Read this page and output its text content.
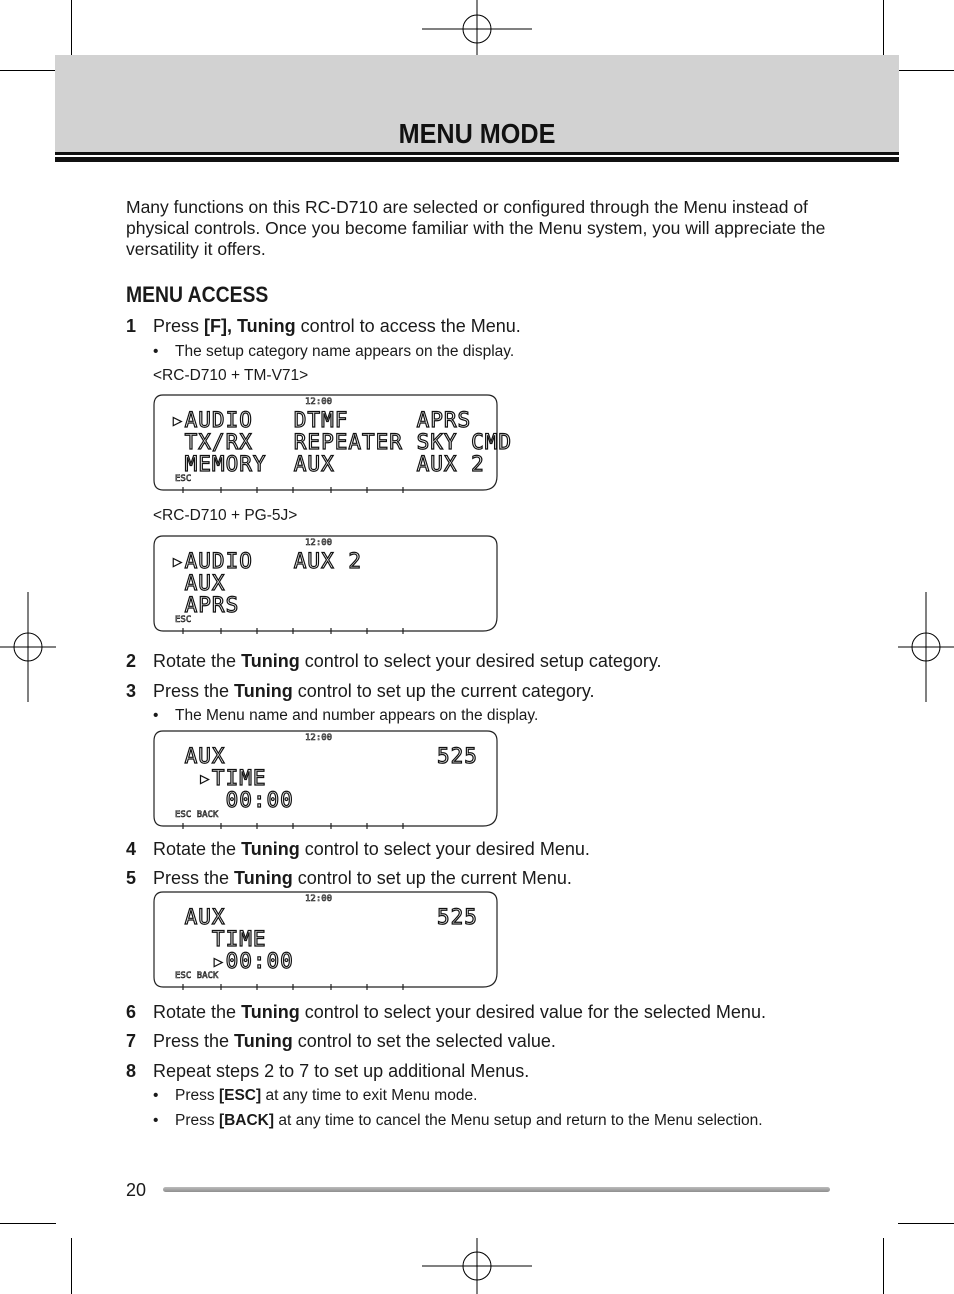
MENU MODE
Many functions on this RC-D710 are selected or configured through the Menu instead of physical controls. Once you become familiar with the Menu system, you will appreciate the versatility it offers.
MENU ACCESS
1 Press [F], Tuning control to access the Menu.
• The setup category name appears on the display.
<RC-D710 + TM-V71>
12:00
▸AUDIO   DTMF     APRS
TX/RX   REPEATER SKY CMD
MEMORY  AUX      AUX 2
ESC
<RC-D710 + PG-5J>
12:00
▸AUDIO   AUX 2
AUX
APRS
ESC
2 Rotate the Tuning control to select your desired setup category.
3 Press the Tuning control to set up the current category.
• The Menu name and number appears on the display.
12:00
AUX	525
▸TIME
00:00
ESC BACK
4 Rotate the Tuning control to select your desired Menu.
5 Press the Tuning control to set up the current Menu.
12:00
AUX	525
TIME
▸00:00
ESC BACK
6 Rotate the Tuning control to select your desired value for the selected Menu.
7 Press the Tuning control to set the selected value.
8 Repeat steps 2 to 7 to set up additional Menus.
• Press [ESC] at any time to exit Menu mode.
• Press [BACK] at any time to cancel the Menu setup and return to the Menu selection.
20
